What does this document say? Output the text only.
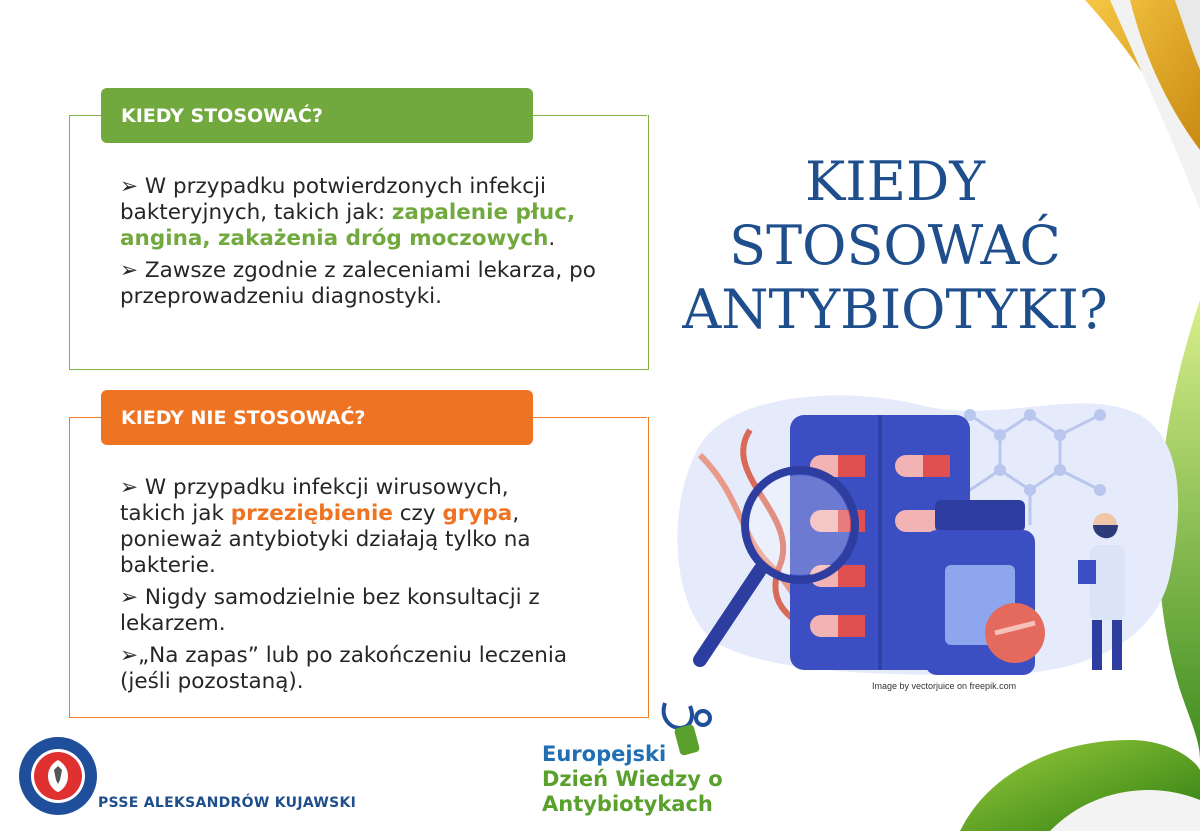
KIEDY STOSOWAĆ?
➢ W przypadku potwierdzonych infekcji bakteryjnych, takich jak: zapalenie płuc, angina, zakażenia dróg moczowych.
➢ Zawsze zgodnie z zaleceniami lekarza, po przeprowadzeniu diagnostyki.
KIEDY NIE STOSOWAĆ?
➢ W przypadku infekcji wirusowych, takich jak przeziębienie czy grypa, ponieważ antybiotyki działają tylko na bakterie.
➢ Nigdy samodzielnie bez konsultacji z lekarzem.
➢„Na zapas” lub po zakończeniu leczenia (jeśli pozostaną).
KIEDY
STOSOWAĆ
ANTYBIOTYKI?
Image by vectorjuice on freepik.com
PSSE ALEKSANDRÓW KUJAWSKI
Europejski
Dzień Wiedzy o
Antybiotykach
